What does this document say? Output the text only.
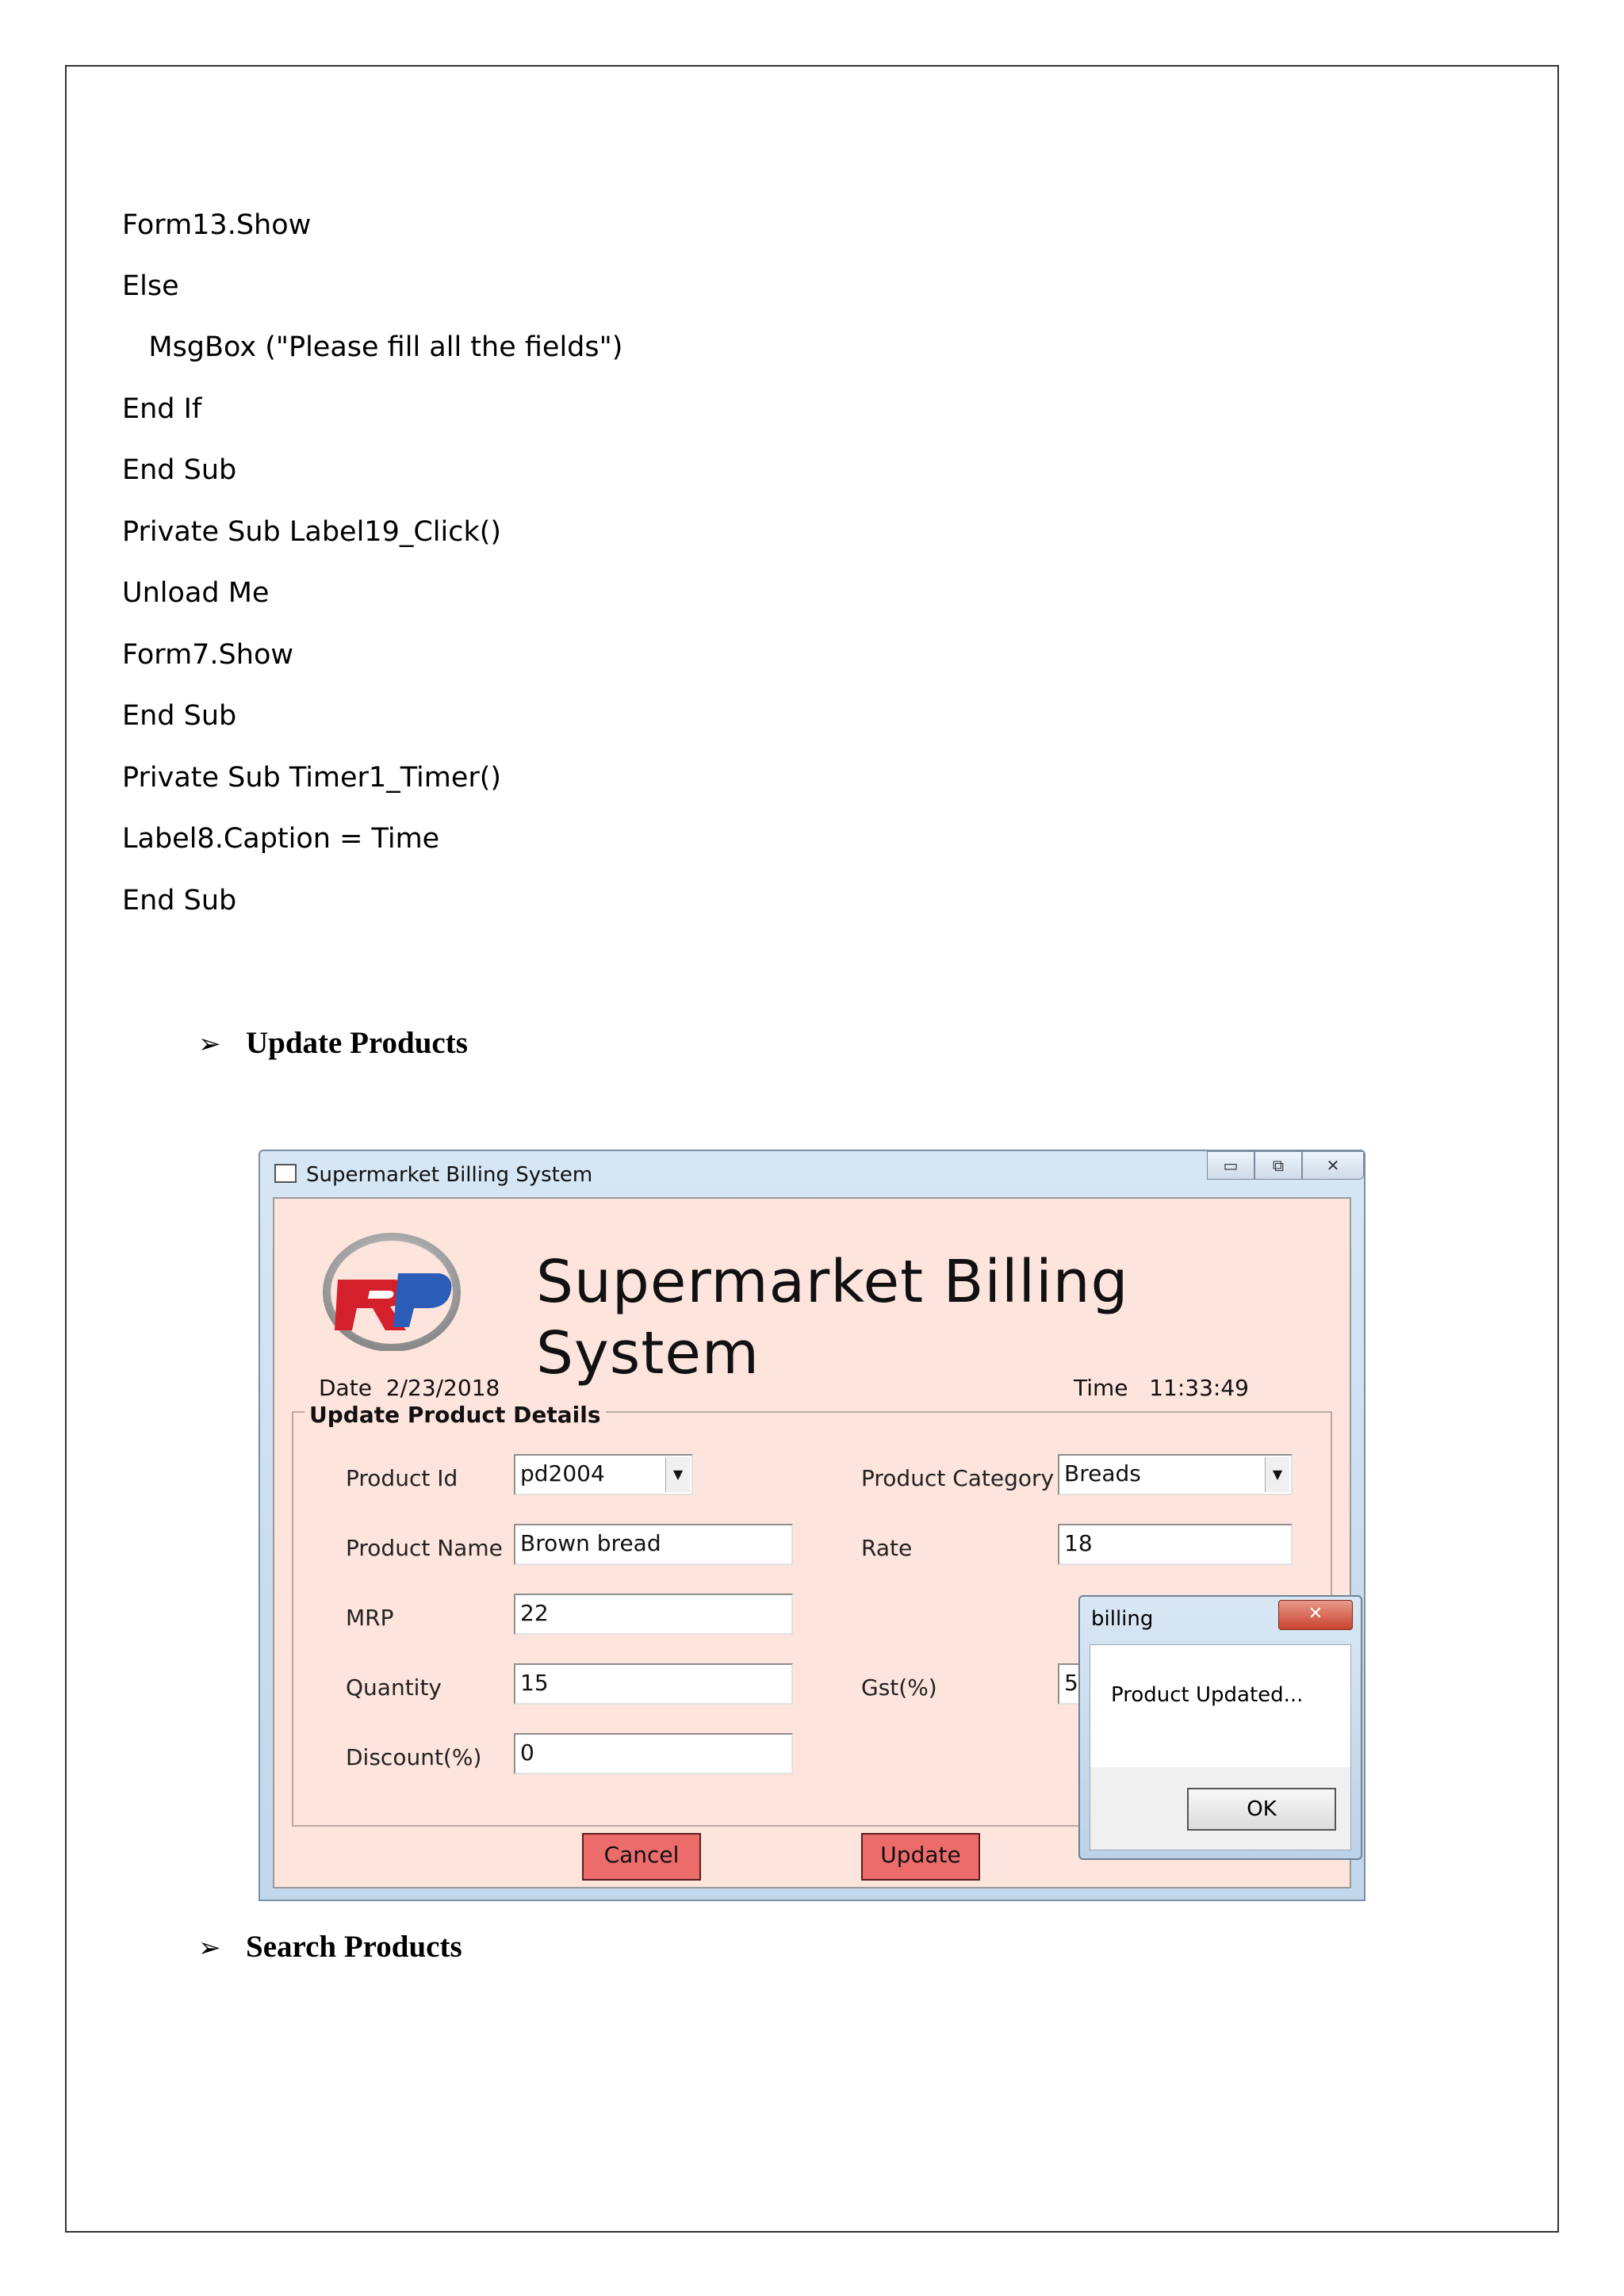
Form13.Show
Else
MsgBox ("Please fill all the fields")
End If
End Sub
Private Sub Label19_Click()
Unload Me
Form7.Show
End Sub
Private Sub Timer1_Timer()
Label8.Caption = Time
End Sub
➢ Update Products
Supermarket Billing System	▭	⧉	✕
Supermarket Billing System
Date 2/23/2018	Time 11:33:49
Update Product Details
Product Id	pd2004	▼
Product Name Brown bread
MRP	22
Quantity	15
Discount(%) 0
Product Category Breads	▼
Rate	18
Gst(%)	5
Cancel	Update
billing	✕
Product Updated...
OK
➢ Search Products
